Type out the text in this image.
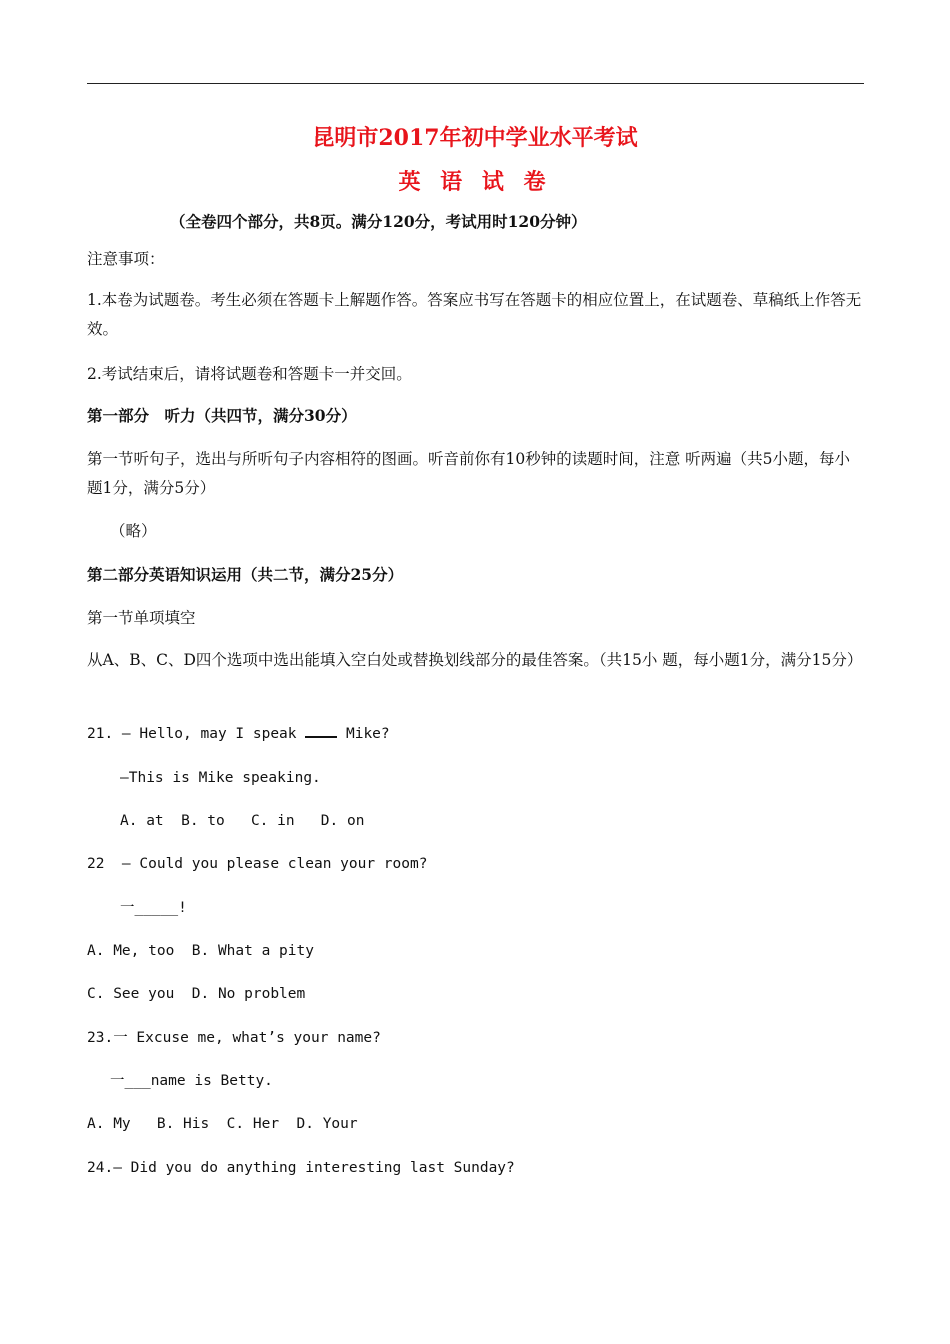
昆明市2017年初中学业水平考试
英 语 试 卷
（全卷四个部分，共8页。满分120分，考试用时120分钟）
注意事项：
1.本卷为试题卷。考生必须在答题卡上解题作答。答案应书写在答题卡的相应位置上，在试题卷、草稿纸上作答无效。
2.考试结束后，请将试题卷和答题卡一并交回。
第一部分　听力（共四节，满分30分）
第一节听句子，选出与所听句子内容相符的图画。听音前你有10秒钟的读题时间，注意 听两遍（共5小题，每小题1分，满分5分）
（略）
第二部分英语知识运用（共二节，满分25分）
第一节单项填空
从A、B、C、D四个选项中选出能填入空白处或替换划线部分的最佳答案。（共15小 题，每小题1分，满分15分）
21. — Hello, may I speak  Mike?
—This is Mike speaking.
A. at  B. to   C. in   D. on
22  — Could you please clean your room?
一_____!
A. Me, too  B. What a pity
C. See you  D. No problem
23.一 Excuse me, what’s your name?
一___name is Betty.
A. My   B. His  C. Her  D. Your
24.— Did you do anything interesting last Sunday?
